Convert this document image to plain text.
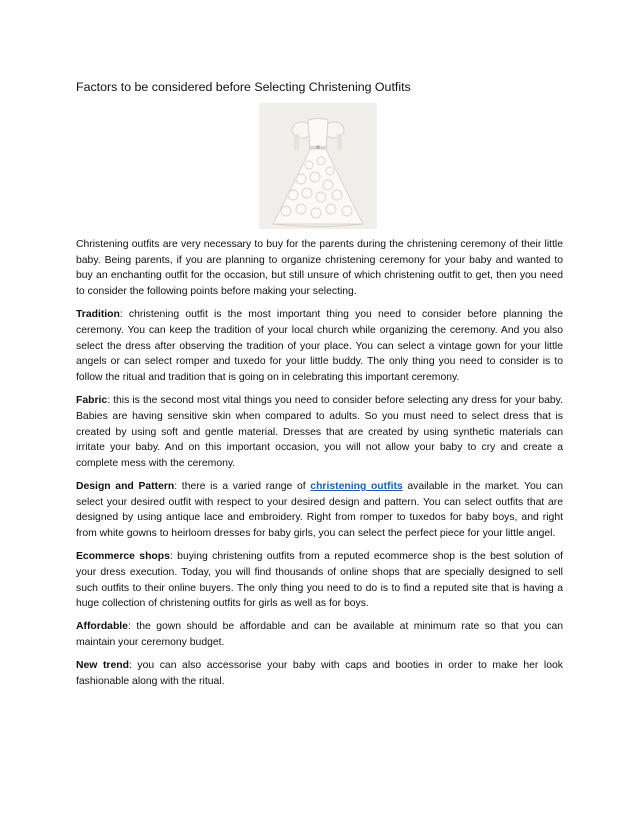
Factors to be considered before Selecting Christening Outfits

Christening outfits are very necessary to buy for the parents during the christening ceremony of their little baby. Being parents, if you are planning to organize christening ceremony for your baby and wanted to buy an enchanting outfit for the occasion, but still unsure of which christening outfit to get, then you need to consider the following points before making your selecting.

Tradition: christening outfit is the most important thing you need to consider before planning the ceremony. You can keep the tradition of your local church while organizing the ceremony. And you also select the dress after observing the tradition of your place. You can select a vintage gown for your little angels or can select romper and tuxedo for your little buddy. The only thing you need to consider is to follow the ritual and tradition that is going on in celebrating this important ceremony.

Fabric: this is the second most vital things you need to consider before selecting any dress for your baby. Babies are having sensitive skin when compared to adults. So you must need to select dress that is created by using soft and gentle material. Dresses that are created by using synthetic materials can irritate your baby. And on this important occasion, you will not allow your baby to cry and create a complete mess with the ceremony.

Design and Pattern: there is a varied range of christening outfits available in the market. You can select your desired outfit with respect to your desired design and pattern. You can select outfits that are designed by using antique lace and embroidery. Right from romper to tuxedos for baby boys, and right from white gowns to heirloom dresses for baby girls, you can select the perfect piece for your little angel.

Ecommerce shops: buying christening outfits from a reputed ecommerce shop is the best solution of your dress execution. Today, you will find thousands of online shops that are specially designed to sell such outfits to their online buyers. The only thing you need to do is to find a reputed site that is having a huge collection of christening outfits for girls as well as for boys.

Affordable: the gown should be affordable and can be available at minimum rate so that you can maintain your ceremony budget.

New trend: you can also accessorise your baby with caps and booties in order to make her look fashionable along with the ritual.
